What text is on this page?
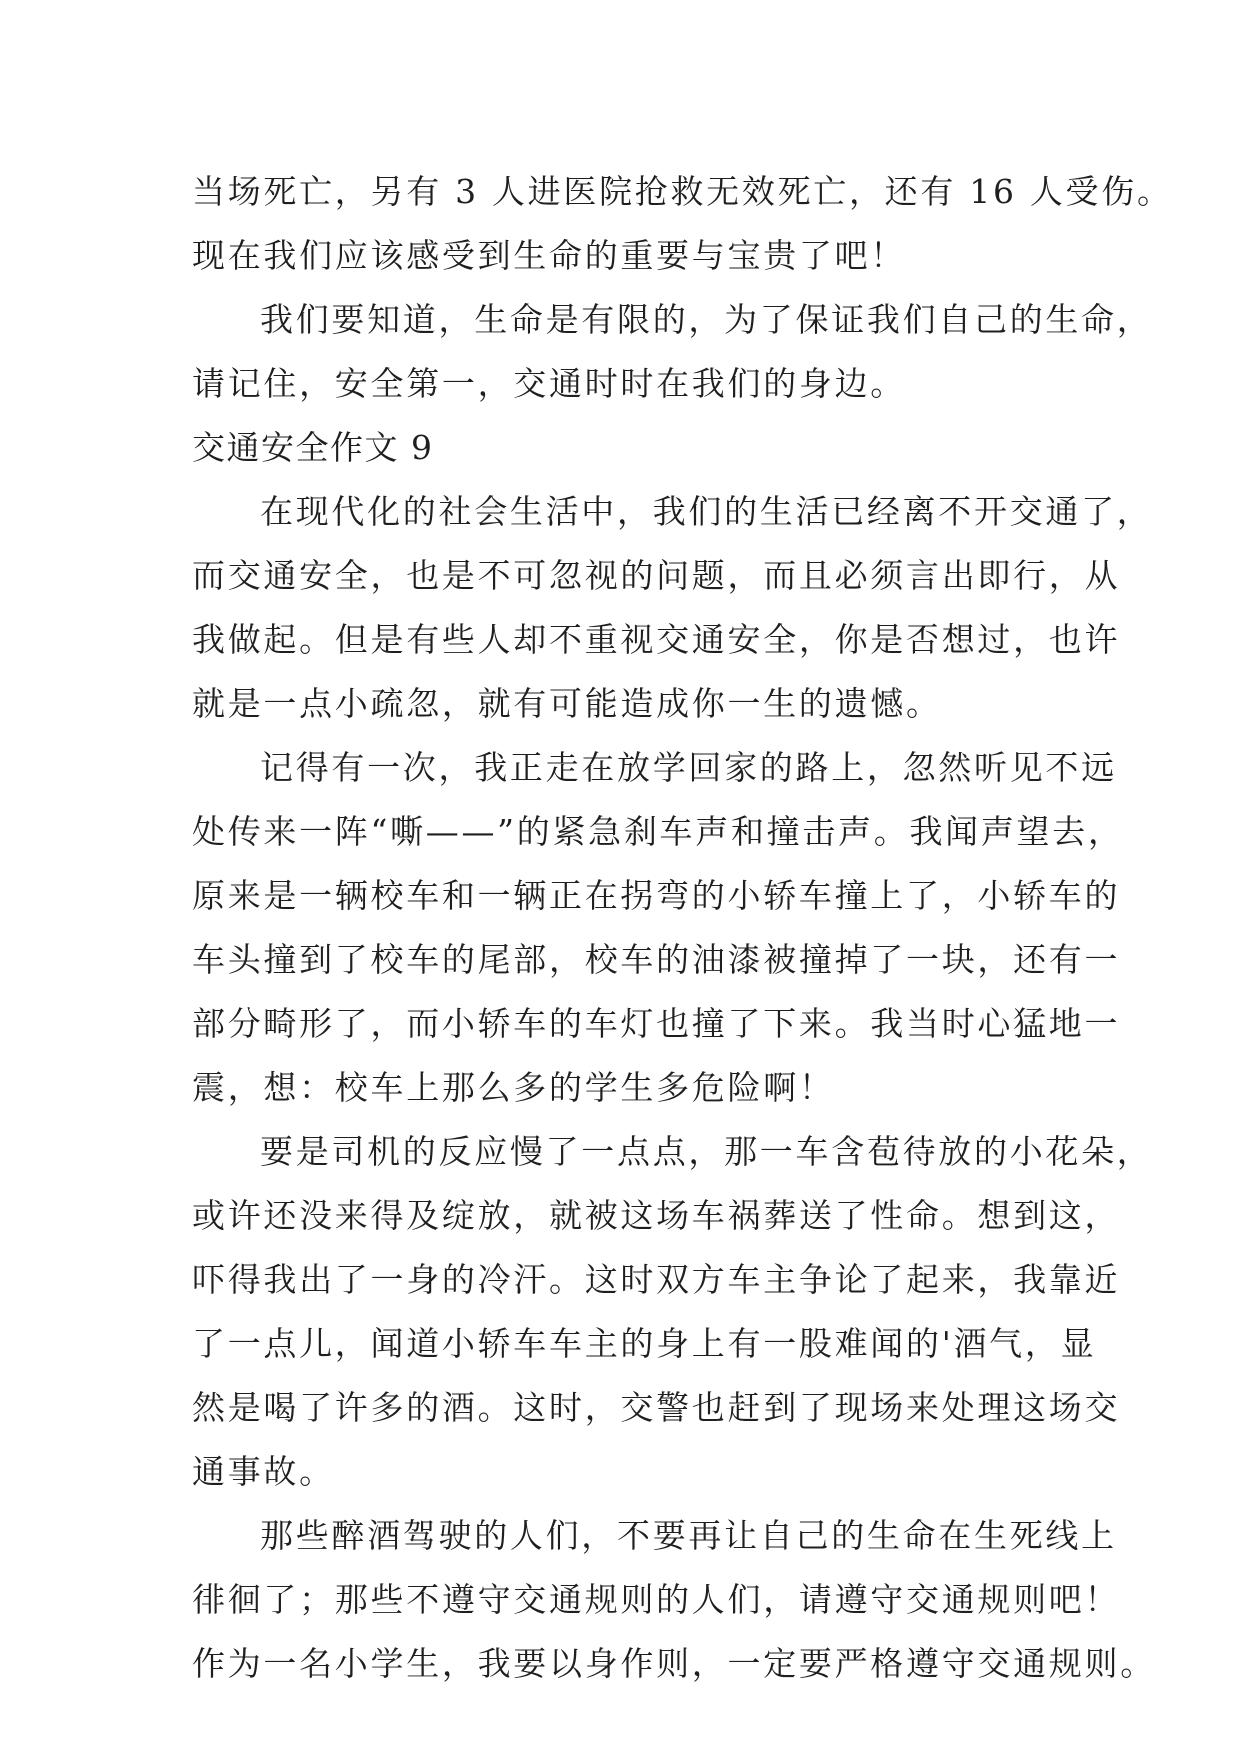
当场死亡，另有 3 人进医院抢救无效死亡，还有 16 人受伤。
现在我们应该感受到生命的重要与宝贵了吧！
我们要知道，生命是有限的，为了保证我们自己的生命，
请记住，安全第一，交通时时在我们的身边。
交通安全作文 9
在现代化的社会生活中，我们的生活已经离不开交通了，
而交通安全，也是不可忽视的问题，而且必须言出即行，从
我做起。但是有些人却不重视交通安全，你是否想过，也许
就是一点小疏忽，就有可能造成你一生的遗憾。
记得有一次，我正走在放学回家的路上，忽然听见不远
处传来一阵“嘶——”的紧急刹车声和撞击声。我闻声望去，
原来是一辆校车和一辆正在拐弯的小轿车撞上了，小轿车的
车头撞到了校车的尾部，校车的油漆被撞掉了一块，还有一
部分畸形了，而小轿车的车灯也撞了下来。我当时心猛地一
震，想：校车上那么多的学生多危险啊！
要是司机的反应慢了一点点，那一车含苞待放的小花朵，
或许还没来得及绽放，就被这场车祸葬送了性命。想到这，
吓得我出了一身的冷汗。这时双方车主争论了起来，我靠近
了一点儿，闻道小轿车车主的身上有一股难闻的'酒气，显
然是喝了许多的酒。这时，交警也赶到了现场来处理这场交
通事故。
那些醉酒驾驶的人们，不要再让自己的生命在生死线上
徘徊了；那些不遵守交通规则的人们，请遵守交通规则吧！
作为一名小学生，我要以身作则，一定要严格遵守交通规则。
